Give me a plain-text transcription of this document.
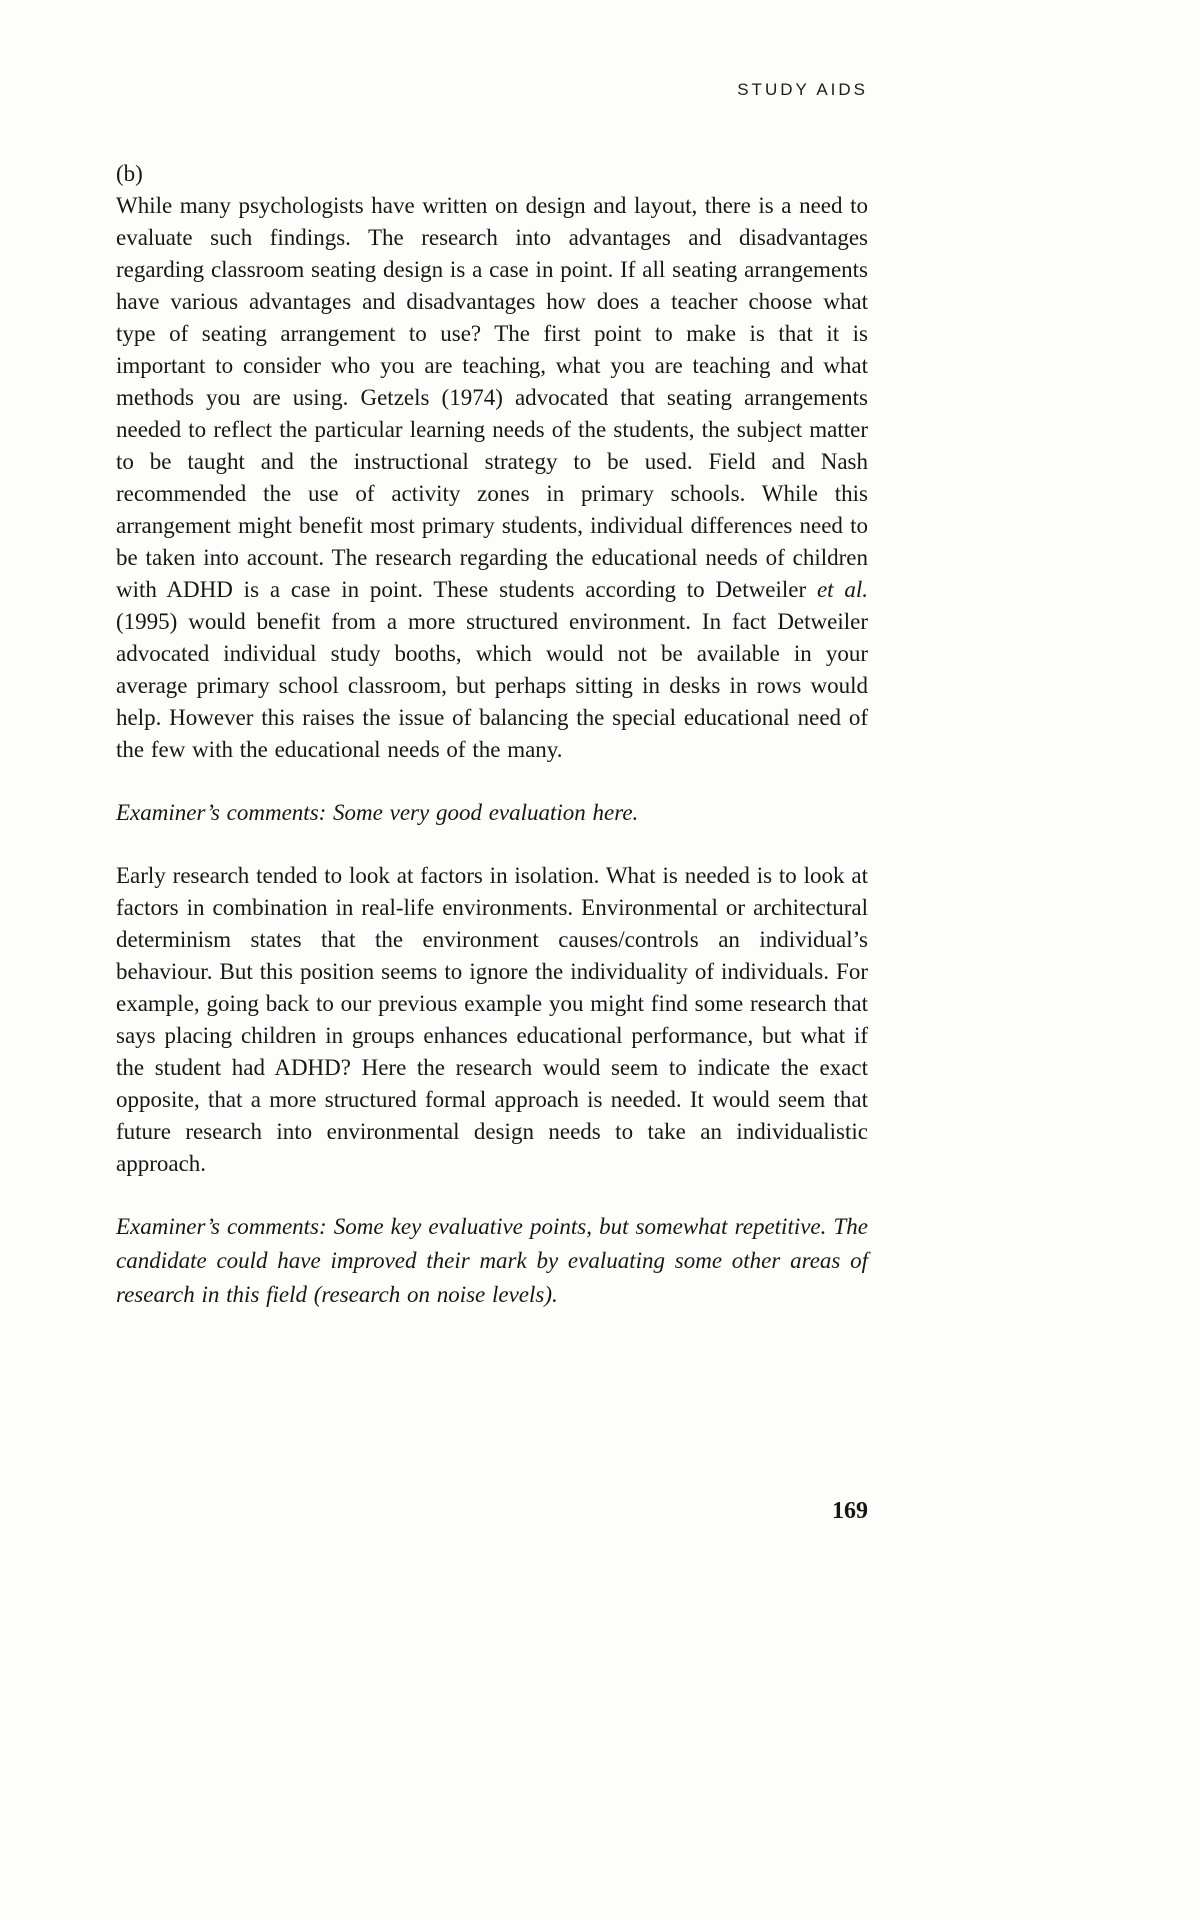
STUDY AIDS

(b)

While many psychologists have written on design and layout, there is a need to evaluate such findings. The research into advantages and disadvantages regarding classroom seating design is a case in point. If all seating arrangements have various advantages and disadvantages how does a teacher choose what type of seating arrangement to use? The first point to make is that it is important to consider who you are teaching, what you are teaching and what methods you are using. Getzels (1974) advocated that seating arrangements needed to reflect the particular learning needs of the students, the subject matter to be taught and the instructional strategy to be used. Field and Nash recommended the use of activity zones in primary schools. While this arrangement might benefit most primary students, individual differences need to be taken into account. The research regarding the educational needs of children with ADHD is a case in point. These students according to Detweiler et al. (1995) would benefit from a more structured environment. In fact Detweiler advocated individual study booths, which would not be available in your average primary school classroom, but perhaps sitting in desks in rows would help. However this raises the issue of balancing the special educational need of the few with the educational needs of the many.

Examiner’s comments: Some very good evaluation here.

Early research tended to look at factors in isolation. What is needed is to look at factors in combination in real-life environments. Environmental or architectural determinism states that the environment causes/controls an individual’s behaviour. But this position seems to ignore the individuality of individuals. For example, going back to our previous example you might find some research that says placing children in groups enhances educational performance, but what if the student had ADHD? Here the research would seem to indicate the exact opposite, that a more structured formal approach is needed. It would seem that future research into environmental design needs to take an individualistic approach.

Examiner’s comments: Some key evaluative points, but somewhat repetitive. The candidate could have improved their mark by evaluating some other areas of research in this field (research on noise levels).

169
